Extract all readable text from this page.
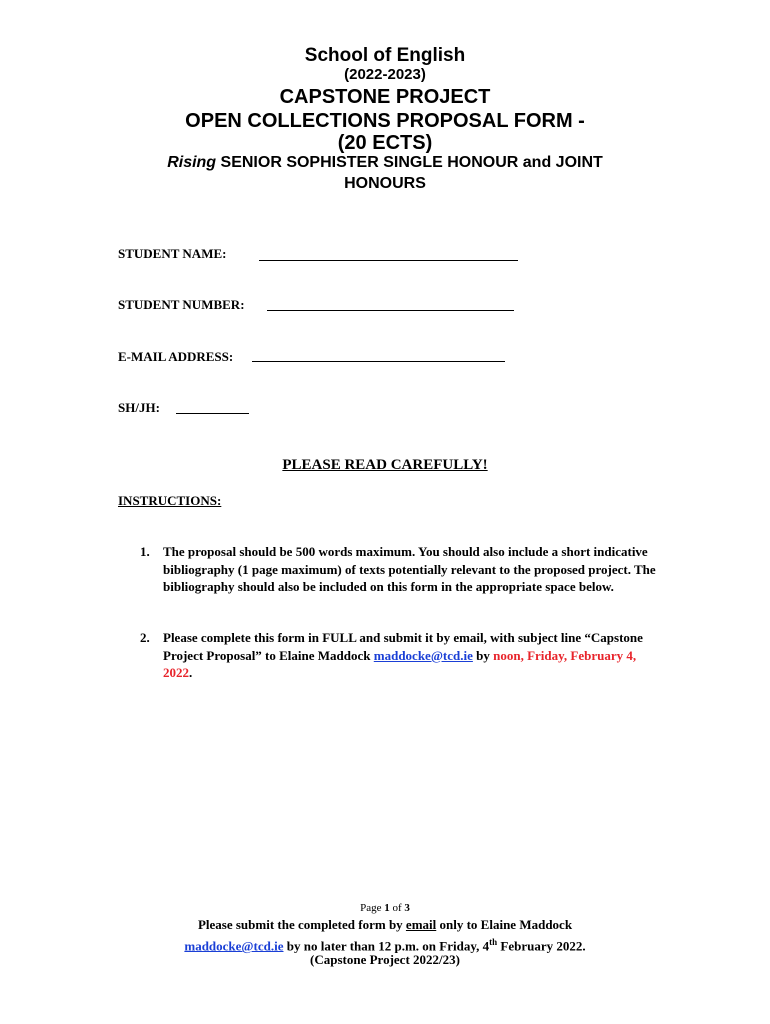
School of English
(2022-2023)
CAPSTONE PROJECT
OPEN COLLECTIONS PROPOSAL FORM -
(20 ECTS)
Rising SENIOR SOPHISTER SINGLE HONOUR and JOINT
HONOURS
STUDENT NAME:
STUDENT NUMBER:
E-MAIL ADDRESS:
SH/JH:
PLEASE READ CAREFULLY!
INSTRUCTIONS:
1. The proposal should be 500 words maximum. You should also include a short indicative bibliography (1 page maximum) of texts potentially relevant to the proposed project. The bibliography should also be included on this form in the appropriate space below.
2. Please complete this form in FULL and submit it by email, with subject line “Capstone Project Proposal” to Elaine Maddock maddocke@tcd.ie by noon, Friday, February 4, 2022.
Page 1 of 3
Please submit the completed form by email only to Elaine Maddock
maddocke@tcd.ie by no later than 12 p.m. on Friday, 4th February 2022.
(Capstone Project 2022/23)
